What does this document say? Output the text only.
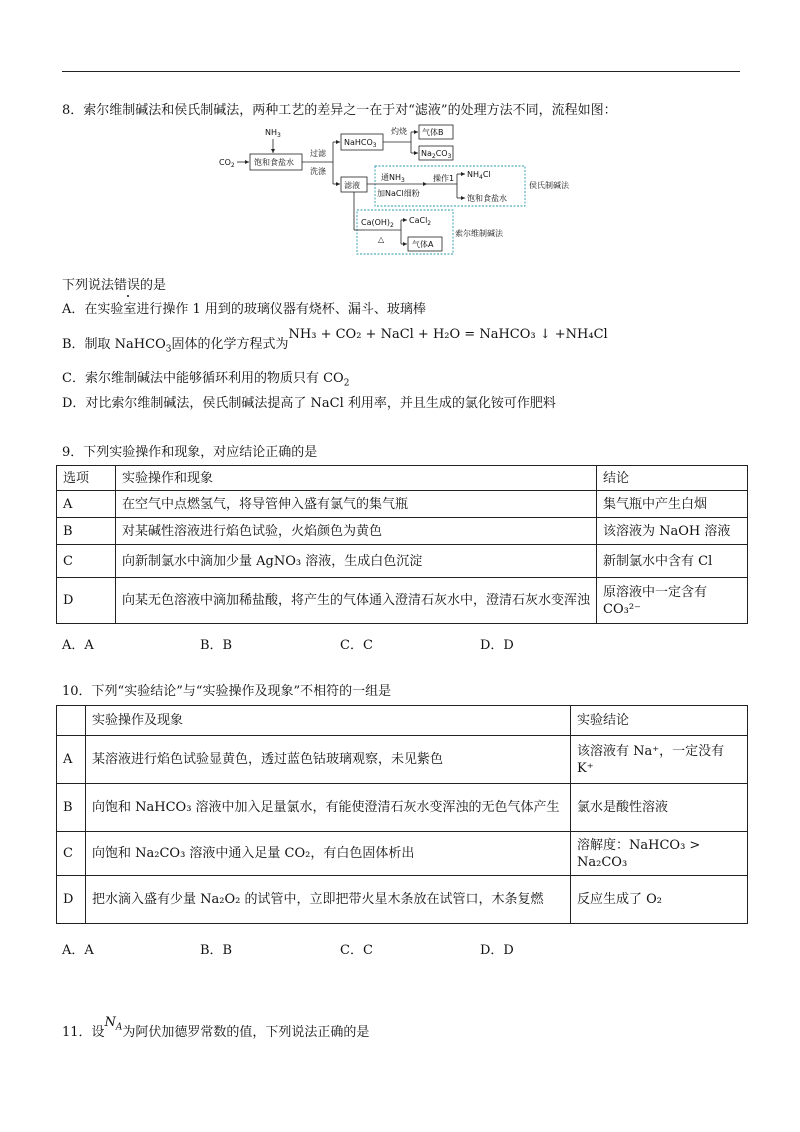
8．索尔维制碱法和侯氏制碱法，两种工艺的差异之一在于对“滤液”的处理方法不同，流程如图：
$CO_2$
$NH_3$
饱和食盐水
过滤
洗涤
NaHCO$_3$
灼烧 气体B
$Na_2CO_3$
滤液
通$NH_3$
加NaCl细粉
操作1 $NH_4Cl$
饱和食盐水
侯氏制碱法
$Ca(OH)_2$
△
CaCl$_2$
气体A
索尔维制碱法
下列说法错误的是
A．在实验室进行操作 1 用到的玻璃仪器有烧杯、漏斗、玻璃棒
B．制取 NaHCO$_3$固体的化学方程式为NH₃ + CO₂ + NaCl + H₂O = NaHCO₃ ↓ +NH₄Cl
C．索尔维制碱法中能够循环利用的物质只有 $CO_2$
D．对比索尔维制碱法，侯氏制碱法提高了 NaCl 利用率，并且生成的氯化铵可作肥料
9．下列实验操作和现象，对应结论正确的是
选项	实验操作和现象	结论
A	在空气中点燃氢气，将导管伸入盛有氯气的集气瓶	集气瓶中产生白烟
B	对某碱性溶液进行焰色试验，火焰颜色为黄色	该溶液为 NaOH 溶液
C	向新制氯水中滴加少量 AgNO₃ 溶液，生成白色沉淀	新制氯水中含有 Cl
D	向某无色溶液中滴加稀盐酸，将产生的气体通入澄清石灰水中，澄清石灰水变浑浊	原溶液中一定含有 CO₃²⁻
A．A	B．B	C．C	D．D
10．下列“实验结论”与“实验操作及现象”不相符的一组是
	实验操作及现象	实验结论
A	某溶液进行焰色试验显黄色，透过蓝色钴玻璃观察，未见紫色	该溶液有 Na⁺，一定没有 K⁺
B	向饱和 NaHCO₃ 溶液中加入足量氯水，有能使澄清石灰水变浑浊的无色气体产生	氯水是酸性溶液
C	向饱和 Na₂CO₃ 溶液中通入足量 CO₂，有白色固体析出	溶解度：NaHCO₃ > Na₂CO₃
D	把水滴入盛有少量 Na₂O₂ 的试管中，立即把带火星木条放在试管口，木条复燃	反应生成了 O₂
A．A	B．B	C．C	D．D
11．设$N_A$为阿伏加德罗常数的值，下列说法正确的是
